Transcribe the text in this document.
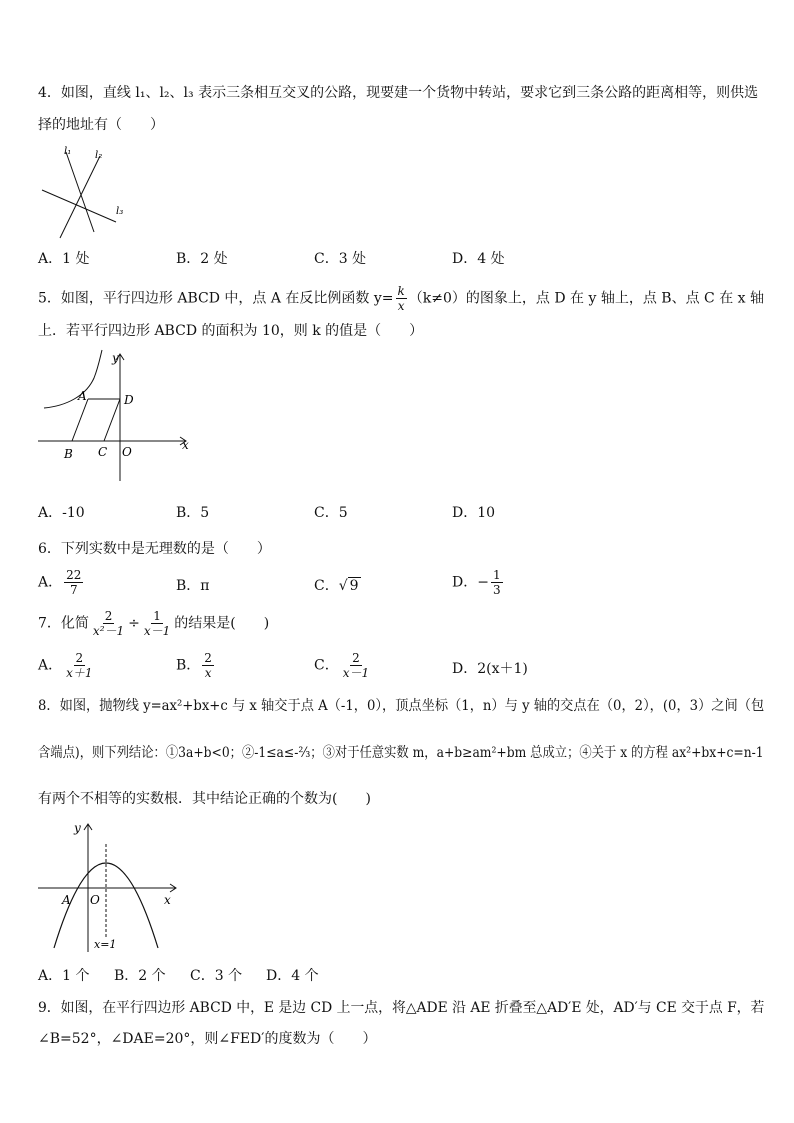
4．如图，直线 l₁、l₂、l₃ 表示三条相互交叉的公路，现要建一个货物中转站，要求它到三条公路的距离相等，则供选
择的地址有（　　）
l₁ l₂
l₃
A．1 处	B．2 处	C．3 处	D．4 处
5．如图，平行四边形 ABCD 中，点 A 在反比例函数 $y= \frac{k}{x} (k\ne 0)$的图象上，点 D 在 y 轴上，点 B、点 C 在 x 轴
上．若平行四边形 ABCD 的面积为 10，则 k 的值是（　　）
y
x
A	D
B C O
A．-10	B．5	C．5	D．10
6．下列实数中是无理数的是（　　）
A． $\frac{22}{7}$	B．π	C．√ 9	D．− $\frac{1}{3}$
7．化简 $\frac{2}{\text{x²－1}} \div \frac{1}{x-1}$ 的结果是(　　)
A． $\frac{2}{x+1}$	B． $\frac{2}{x}$	C． $\frac{2}{x-1}$	D．2(x＋1)
8．如图，抛物线 y=ax²+bx+c 与 x 轴交于点 A（-1，0），顶点坐标（1，n）与 y 轴的交点在（0，2），(0，3）之间（包
含端点)，则下列结论：①3a+b<0；②-1≤a≤-⅔；③对于任意实数 m，a+b≥am²+bm 总成立；④关于 x 的方程 ax²+bx+c=n-1
有两个不相等的实数根．其中结论正确的个数为(　　)
y
x
A O
x=1
A．1 个 B．2 个 C．3 个 D．4 个
9．如图，在平行四边形 ABCD 中，E 是边 CD 上一点，将△ADE 沿 AE 折叠至△AD′E 处，AD′与 CE 交于点 F，若
∠B=52°，∠DAE=20°，则∠FED′的度数为（　　）
